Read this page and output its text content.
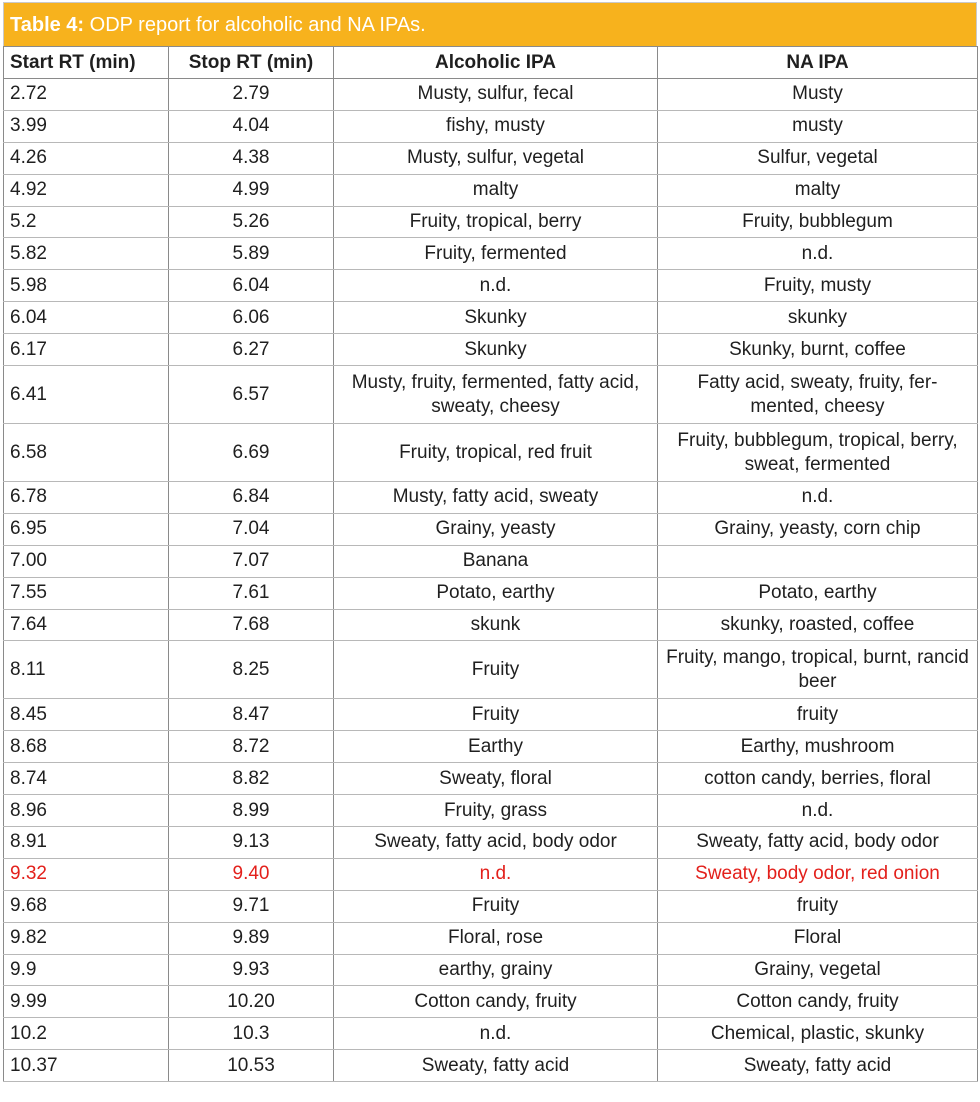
Table 4: ODP report for alcoholic and NA IPAs.
Start RT (min)	Stop RT (min)	Alcoholic IPA	NA IPA
2.72	2.79	Musty, sulfur, fecal	Musty
3.99	4.04	fishy, musty	musty
4.26	4.38	Musty, sulfur, vegetal	Sulfur, vegetal
4.92	4.99	malty	malty
5.2	5.26	Fruity, tropical, berry	Fruity, bubblegum
5.82	5.89	Fruity, fermented	n.d.
5.98	6.04	n.d.	Fruity, musty
6.04	6.06	Skunky	skunky
6.17	6.27	Skunky	Skunky, burnt, coffee
6.41	6.57	Musty, fruity, fermented, fatty acid, sweaty, cheesy	Fatty acid, sweaty, fruity, fer- mented, cheesy
6.58	6.69	Fruity, tropical, red fruit	Fruity, bubblegum, tropical, berry, sweat, fermented
6.78	6.84	Musty, fatty acid, sweaty	n.d.
6.95	7.04	Grainy, yeasty	Grainy, yeasty, corn chip
7.00	7.07	Banana	
7.55	7.61	Potato, earthy	Potato, earthy
7.64	7.68	skunk	skunky, roasted, coffee
8.11	8.25	Fruity	Fruity, mango, tropical, burnt, rancid beer
8.45	8.47	Fruity	fruity
8.68	8.72	Earthy	Earthy, mushroom
8.74	8.82	Sweaty, floral	cotton candy, berries, floral
8.96	8.99	Fruity, grass	n.d.
8.91	9.13	Sweaty, fatty acid, body odor	Sweaty, fatty acid, body odor
9.32	9.40	n.d.	Sweaty, body odor, red onion
9.68	9.71	Fruity	fruity
9.82	9.89	Floral, rose	Floral
9.9	9.93	earthy, grainy	Grainy, vegetal
9.99	10.20	Cotton candy, fruity	Cotton candy, fruity
10.2	10.3	n.d.	Chemical, plastic, skunky
10.37	10.53	Sweaty, fatty acid	Sweaty, fatty acid
